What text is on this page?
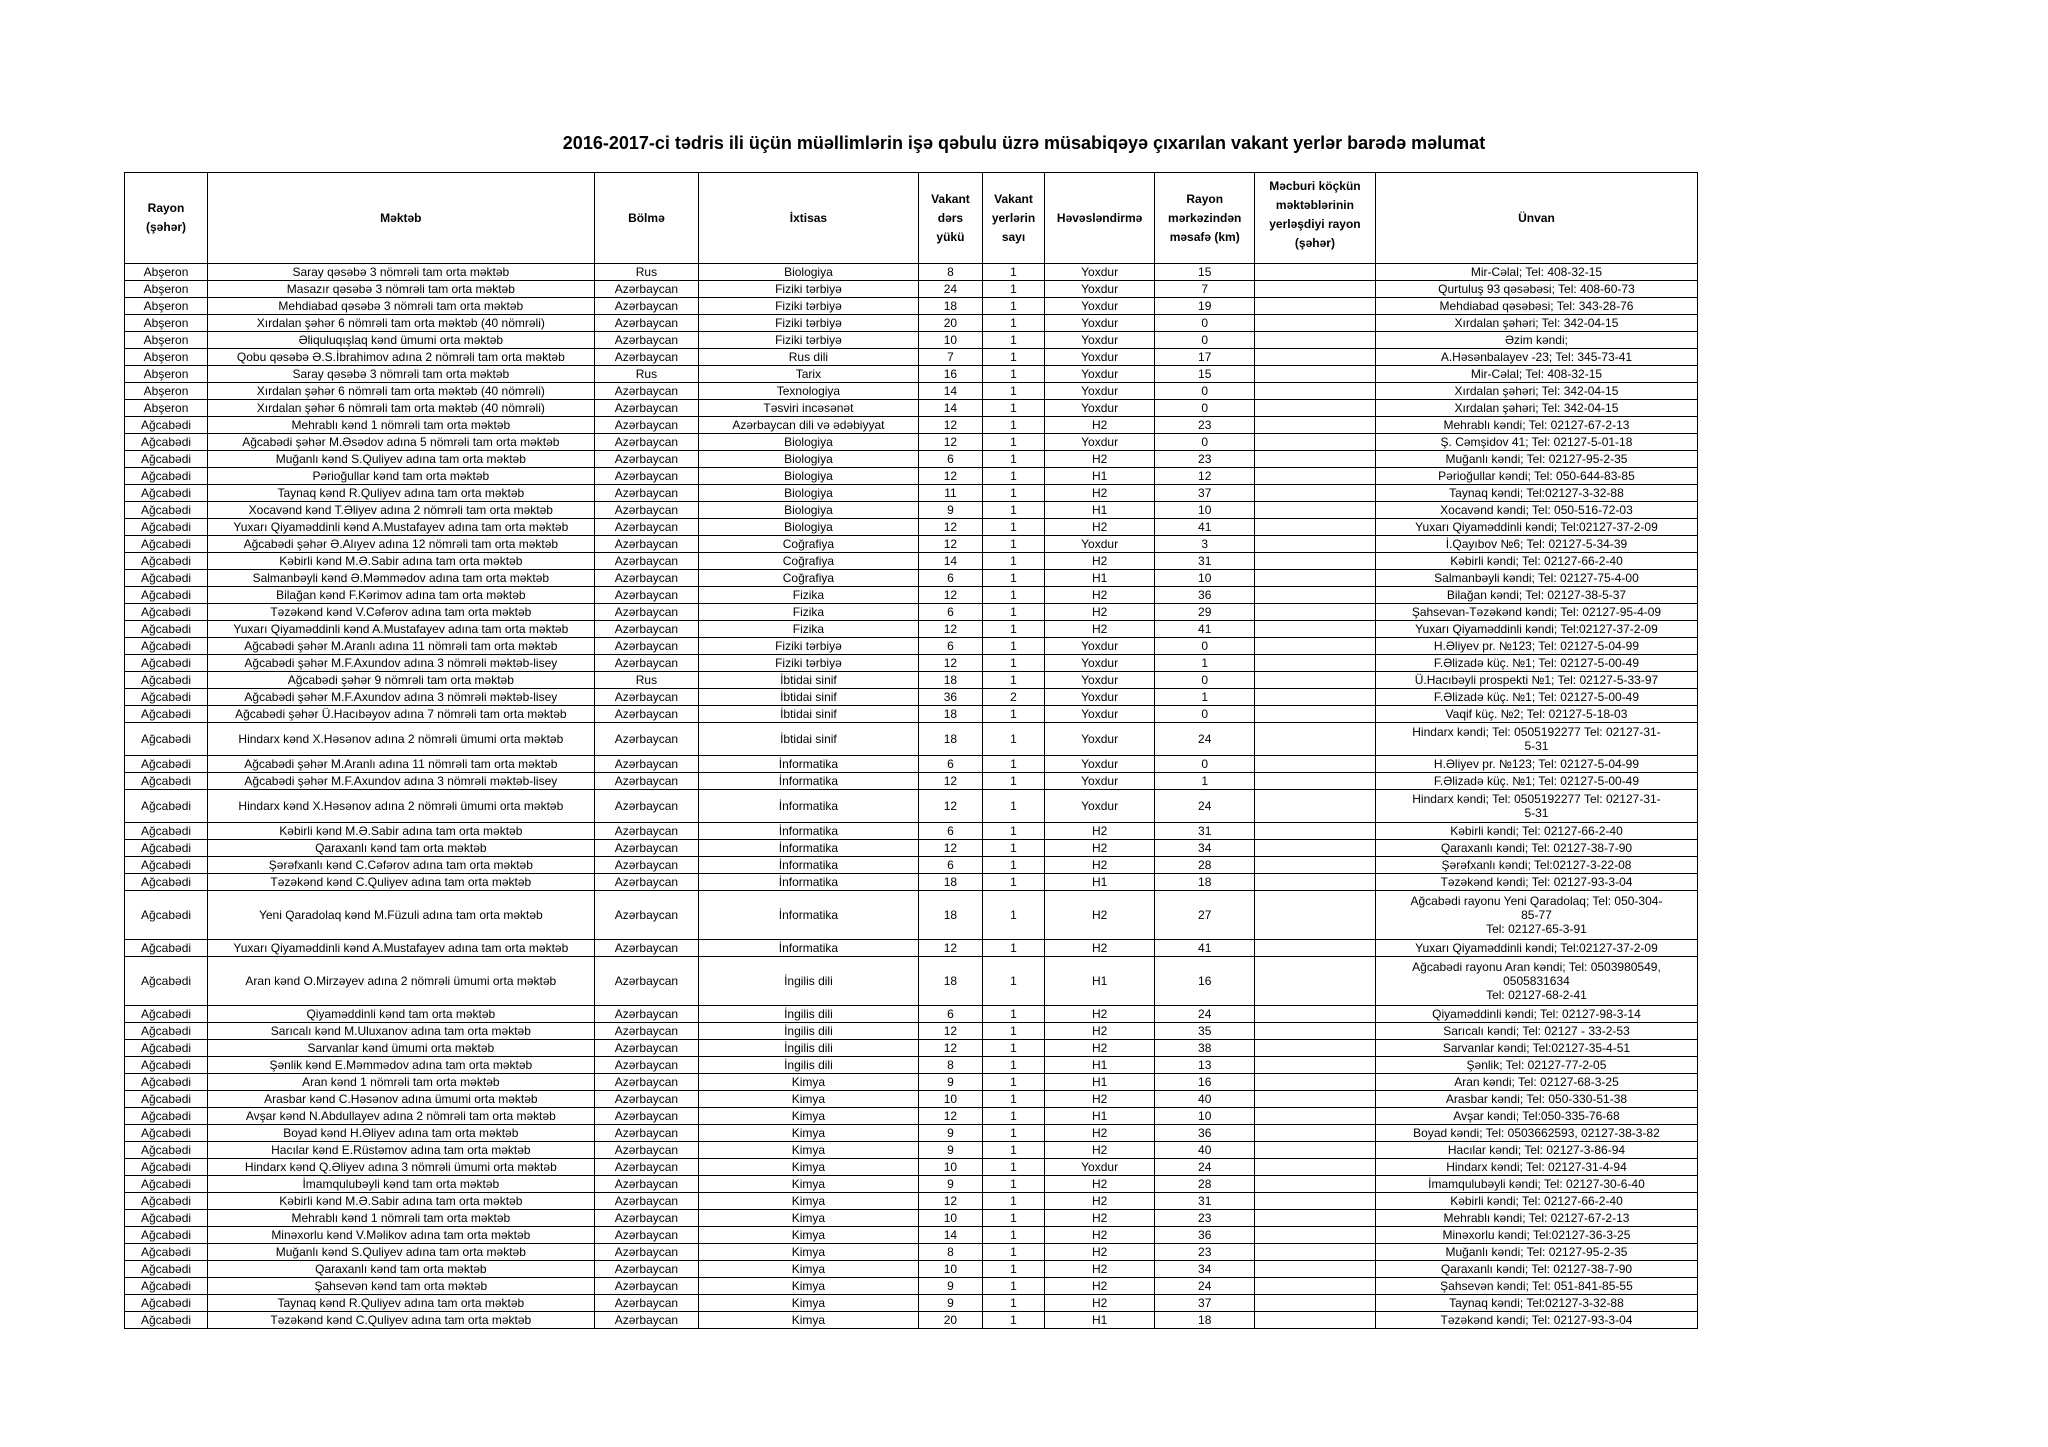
2016-2017-ci tədris ili üçün müəllimlərin işə qəbulu üzrə müsabiqəyə çıxarılan vakant yerlər barədə məlumat
Rayon
(şəhər)	Məktəb	Bölmə	İxtisas	Vakant
dərs
yükü	Vakant
yerlərin
sayı	Həvəsləndirmə	Rayon
mərkəzindən
məsafə (km)	Məcburi köçkün
məktəblərinin
yerləşdiyi rayon
(şəhər)	Ünvan
Abşeron	Saray qəsəbə 3 nömrəli tam orta məktəb	Rus	Biologiya	8	1	Yoxdur	15		Mir-Cəlal; Tel: 408-32-15
Abşeron	Masazır qəsəbə 3 nömrəli tam orta məktəb	Azərbaycan	Fiziki tərbiyə	24	1	Yoxdur	7		Qurtuluş 93 qəsəbəsi; Tel: 408-60-73
Abşeron	Mehdiabad qəsəbə 3 nömrəli tam orta məktəb	Azərbaycan	Fiziki tərbiyə	18	1	Yoxdur	19		Mehdiabad qəsəbəsi; Tel: 343-28-76
Abşeron	Xırdalan şəhər 6 nömrəli tam orta məktəb (40 nömrəli)	Azərbaycan	Fiziki tərbiyə	20	1	Yoxdur	0		Xırdalan şəhəri; Tel: 342-04-15
Abşeron	Əliquluqışlaq kənd ümumi orta məktəb	Azərbaycan	Fiziki tərbiyə	10	1	Yoxdur	0		Əzim kəndi;
Abşeron	Qobu qəsəbə Ə.S.İbrahimov adına 2 nömrəli tam orta məktəb	Azərbaycan	Rus dili	7	1	Yoxdur	17		A.Həsənbalayev -23; Tel: 345-73-41
Abşeron	Saray qəsəbə 3 nömrəli tam orta məktəb	Rus	Tarix	16	1	Yoxdur	15		Mir-Cəlal; Tel: 408-32-15
Abşeron	Xırdalan şəhər 6 nömrəli tam orta məktəb (40 nömrəli)	Azərbaycan	Texnologiya	14	1	Yoxdur	0		Xırdalan şəhəri; Tel: 342-04-15
Abşeron	Xırdalan şəhər 6 nömrəli tam orta məktəb (40 nömrəli)	Azərbaycan	Təsviri incəsənət	14	1	Yoxdur	0		Xırdalan şəhəri; Tel: 342-04-15
Ağcabədi	Mehrablı kənd 1 nömrəli tam orta məktəb	Azərbaycan	Azərbaycan dili və ədəbiyyat	12	1	H2	23		Mehrablı kəndi; Tel: 02127-67-2-13
Ağcabədi	Ağcabədi şəhər M.Əsədov adına 5 nömrəli tam orta məktəb	Azərbaycan	Biologiya	12	1	Yoxdur	0		Ş. Cəmşidov 41; Tel: 02127-5-01-18
Ağcabədi	Muğanlı kənd S.Quliyev adına tam orta məktəb	Azərbaycan	Biologiya	6	1	H2	23		Muğanlı kəndi; Tel: 02127-95-2-35
Ağcabədi	Pərioğullar kənd tam orta məktəb	Azərbaycan	Biologiya	12	1	H1	12		Pərioğullar kəndi; Tel: 050-644-83-85
Ağcabədi	Taynaq kənd R.Quliyev adına tam orta məktəb	Azərbaycan	Biologiya	11	1	H2	37		Taynaq kəndi; Tel:02127-3-32-88
Ağcabədi	Xocavənd kənd T.Əliyev adına 2 nömrəli tam orta məktəb	Azərbaycan	Biologiya	9	1	H1	10		Xocavənd kəndi; Tel: 050-516-72-03
Ağcabədi	Yuxarı Qiyaməddinli kənd A.Mustafayev adına tam orta məktəb	Azərbaycan	Biologiya	12	1	H2	41		Yuxarı Qiyaməddinli kəndi; Tel:02127-37-2-09
Ağcabədi	Ağcabədi şəhər Ə.Alıyev adına 12 nömrəli tam orta məktəb	Azərbaycan	Coğrafiya	12	1	Yoxdur	3		İ.Qayıbov №6; Tel: 02127-5-34-39
Ağcabədi	Kəbirli kənd M.Ə.Sabir adına tam orta məktəb	Azərbaycan	Coğrafiya	14	1	H2	31		Kəbirli kəndi; Tel: 02127-66-2-40
Ağcabədi	Salmanbəyli kənd Ə.Məmmədov adına tam orta məktəb	Azərbaycan	Coğrafiya	6	1	H1	10		Salmanbəyli kəndi; Tel: 02127-75-4-00
Ağcabədi	Bilağan kənd F.Kərimov adına tam orta məktəb	Azərbaycan	Fizika	12	1	H2	36		Bilağan kəndi; Tel: 02127-38-5-37
Ağcabədi	Təzəkənd kənd V.Cəfərov adına tam orta məktəb	Azərbaycan	Fizika	6	1	H2	29		Şahsevan-Təzəkənd kəndi; Tel: 02127-95-4-09
Ağcabədi	Yuxarı Qiyaməddinli kənd A.Mustafayev adına tam orta məktəb	Azərbaycan	Fizika	12	1	H2	41		Yuxarı Qiyaməddinli kəndi; Tel:02127-37-2-09
Ağcabədi	Ağcabədi şəhər M.Aranlı adına 11 nömrəli tam orta məktəb	Azərbaycan	Fiziki tərbiyə	6	1	Yoxdur	0		H.Əliyev pr. №123; Tel: 02127-5-04-99
Ağcabədi	Ağcabədi şəhər M.F.Axundov adına 3 nömrəli məktəb-lisey	Azərbaycan	Fiziki tərbiyə	12	1	Yoxdur	1		F.Əlizadə küç. №1; Tel: 02127-5-00-49
Ağcabədi	Ağcabədi şəhər 9 nömrəli tam orta məktəb	Rus	İbtidai sinif	18	1	Yoxdur	0		Ü.Hacıbəyli prospekti №1; Tel: 02127-5-33-97
Ağcabədi	Ağcabədi şəhər M.F.Axundov adına 3 nömrəli məktəb-lisey	Azərbaycan	İbtidai sinif	36	2	Yoxdur	1		F.Əlizadə küç. №1; Tel: 02127-5-00-49
Ağcabədi	Ağcabədi şəhər Ü.Hacıbəyov adına 7 nömrəli tam orta məktəb	Azərbaycan	İbtidai sinif	18	1	Yoxdur	0		Vaqif küç. №2; Tel: 02127-5-18-03
Ağcabədi	Hindarx kənd X.Həsənov adına 2 nömrəli ümumi orta məktəb	Azərbaycan	İbtidai sinif	18	1	Yoxdur	24		Hindarx kəndi; Tel: 0505192277 Tel: 02127-31-
5-31
Ağcabədi	Ağcabədi şəhər M.Aranlı adına 11 nömrəli tam orta məktəb	Azərbaycan	İnformatika	6	1	Yoxdur	0		H.Əliyev pr. №123; Tel: 02127-5-04-99
Ağcabədi	Ağcabədi şəhər M.F.Axundov adına 3 nömrəli məktəb-lisey	Azərbaycan	İnformatika	12	1	Yoxdur	1		F.Əlizadə küç. №1; Tel: 02127-5-00-49
Ağcabədi	Hindarx kənd X.Həsənov adına 2 nömrəli ümumi orta məktəb	Azərbaycan	İnformatika	12	1	Yoxdur	24		Hindarx kəndi; Tel: 0505192277 Tel: 02127-31-
5-31
Ağcabədi	Kəbirli kənd M.Ə.Sabir adına tam orta məktəb	Azərbaycan	İnformatika	6	1	H2	31		Kəbirli kəndi; Tel: 02127-66-2-40
Ağcabədi	Qaraxanlı kənd tam orta məktəb	Azərbaycan	İnformatika	12	1	H2	34		Qaraxanlı kəndi; Tel: 02127-38-7-90
Ağcabədi	Şərəfxanlı kənd C.Cəfərov adına tam orta məktəb	Azərbaycan	İnformatika	6	1	H2	28		Şərəfxanlı kəndi; Tel:02127-3-22-08
Ağcabədi	Təzəkənd kənd C.Quliyev adına tam orta məktəb	Azərbaycan	İnformatika	18	1	H1	18		Təzəkənd kəndi; Tel: 02127-93-3-04
Ağcabədi	Yeni Qaradolaq kənd M.Füzuli adına tam orta məktəb	Azərbaycan	İnformatika	18	1	H2	27		Ağcabədi rayonu Yeni Qaradolaq; Tel: 050-304-
85-77
Tel: 02127-65-3-91
Ağcabədi	Yuxarı Qiyaməddinli kənd A.Mustafayev adına tam orta məktəb	Azərbaycan	İnformatika	12	1	H2	41		Yuxarı Qiyaməddinli kəndi; Tel:02127-37-2-09
Ağcabədi	Aran kənd O.Mirzəyev adına 2 nömrəli ümumi orta məktəb	Azərbaycan	İngilis dili	18	1	H1	16		Ağcabədi rayonu Aran kəndi; Tel: 0503980549,
0505831634
Tel: 02127-68-2-41
Ağcabədi	Qiyaməddinli kənd tam orta məktəb	Azərbaycan	İngilis dili	6	1	H2	24		Qiyaməddinli kəndi; Tel: 02127-98-3-14
Ağcabədi	Sarıcalı kənd M.Uluxanov adına tam orta məktəb	Azərbaycan	İngilis dili	12	1	H2	35		Sarıcalı kəndi; Tel: 02127 - 33-2-53
Ağcabədi	Sarvanlar kənd ümumi orta məktəb	Azərbaycan	İngilis dili	12	1	H2	38		Sarvanlar kəndi; Tel:02127-35-4-51
Ağcabədi	Şənlik kənd E.Məmmədov adına tam orta məktəb	Azərbaycan	İngilis dili	8	1	H1	13		Şənlik; Tel: 02127-77-2-05
Ağcabədi	Aran kənd 1 nömrəli tam orta məktəb	Azərbaycan	Kimya	9	1	H1	16		Aran kəndi; Tel: 02127-68-3-25
Ağcabədi	Arasbar kənd C.Həsənov adına ümumi orta məktəb	Azərbaycan	Kimya	10	1	H2	40		Arasbar kəndi; Tel: 050-330-51-38
Ağcabədi	Avşar kənd N.Abdullayev adına 2 nömrəli tam orta məktəb	Azərbaycan	Kimya	12	1	H1	10		Avşar kəndi; Tel:050-335-76-68
Ağcabədi	Boyad kənd H.Əliyev adına tam orta məktəb	Azərbaycan	Kimya	9	1	H2	36		Boyad kəndi; Tel: 0503662593, 02127-38-3-82
Ağcabədi	Hacılar kənd E.Rüstəmov adına tam orta məktəb	Azərbaycan	Kimya	9	1	H2	40		Hacılar kəndi; Tel: 02127-3-86-94
Ağcabədi	Hindarx kənd Q.Əliyev adına 3 nömrəli ümumi orta məktəb	Azərbaycan	Kimya	10	1	Yoxdur	24		Hindarx kəndi; Tel: 02127-31-4-94
Ağcabədi	İmamqulubəyli kənd tam orta məktəb	Azərbaycan	Kimya	9	1	H2	28		İmamqulubəyli kəndi; Tel: 02127-30-6-40
Ağcabədi	Kəbirli kənd M.Ə.Sabir adına tam orta məktəb	Azərbaycan	Kimya	12	1	H2	31		Kəbirli kəndi; Tel: 02127-66-2-40
Ağcabədi	Mehrablı kənd 1 nömrəli tam orta məktəb	Azərbaycan	Kimya	10	1	H2	23		Mehrablı kəndi; Tel: 02127-67-2-13
Ağcabədi	Minəxorlu kənd V.Məlikov adına tam orta məktəb	Azərbaycan	Kimya	14	1	H2	36		Minəxorlu kəndi; Tel:02127-36-3-25
Ağcabədi	Muğanlı kənd S.Quliyev adına tam orta məktəb	Azərbaycan	Kimya	8	1	H2	23		Muğanlı kəndi; Tel: 02127-95-2-35
Ağcabədi	Qaraxanlı kənd tam orta məktəb	Azərbaycan	Kimya	10	1	H2	34		Qaraxanlı kəndi; Tel: 02127-38-7-90
Ağcabədi	Şahsevən kənd tam orta məktəb	Azərbaycan	Kimya	9	1	H2	24		Şahsevən kəndi; Tel: 051-841-85-55
Ağcabədi	Taynaq kənd R.Quliyev adına tam orta məktəb	Azərbaycan	Kimya	9	1	H2	37		Taynaq kəndi; Tel:02127-3-32-88
Ağcabədi	Təzəkənd kənd C.Quliyev adına tam orta məktəb	Azərbaycan	Kimya	20	1	H1	18		Təzəkənd kəndi; Tel: 02127-93-3-04
